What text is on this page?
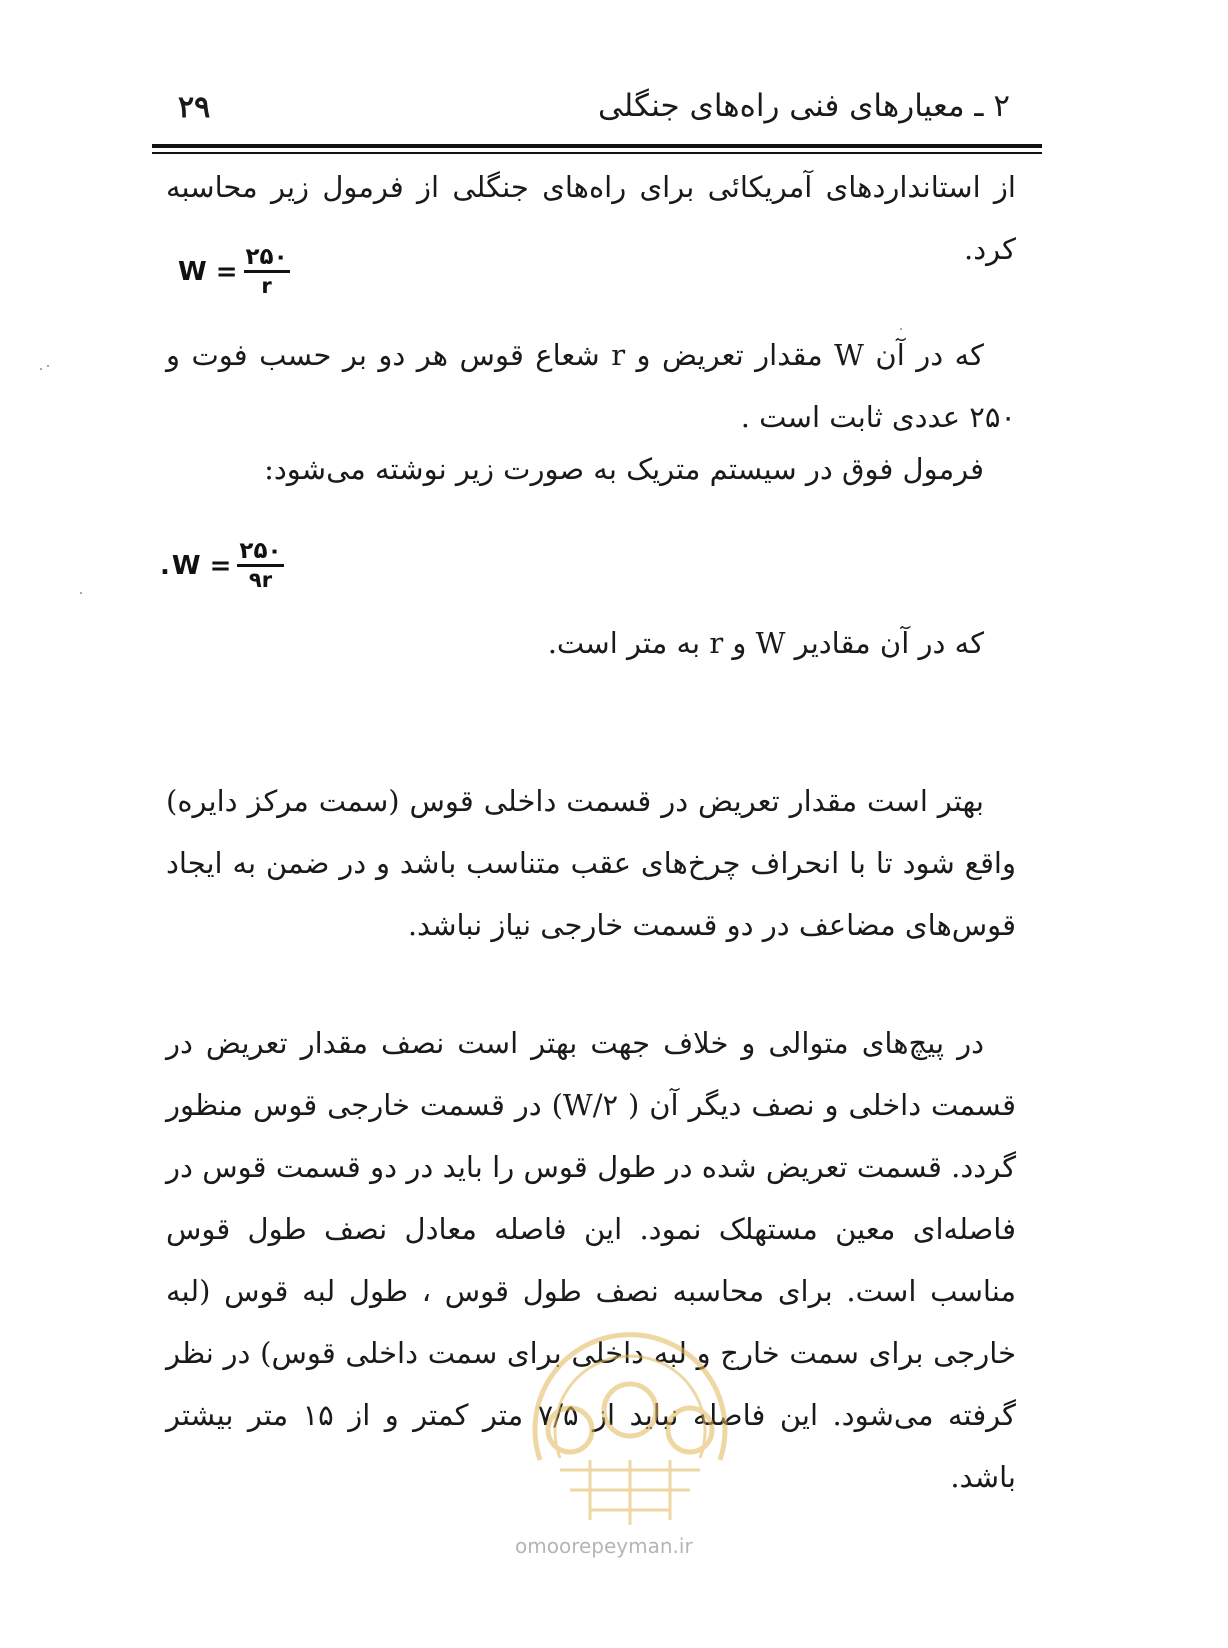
۲ ـ معیارهای فنی راه‌های جنگلی
۲۹

از استانداردهای آمریکائی برای راه‌های جنگلی از فرمول زیر محاسبه کرد.

$W = \frac{۲۵۰}{r}$

که در آن W مقدار تعریض و r شعاع قوس هر دو بر حسب فوت و ۲۵۰ عددی ثابت است .

فرمول فوق در سیستم متریک به صورت زیر نوشته می‌شود:

. $W = \frac{۲۵۰}{۹r}$

که در آن مقادیر W و r به متر است.

بهتر است مقدار تعریض در قسمت داخلی قوس (سمت مرکز دایره) واقع شود تا با انحراف چرخ‌های عقب متناسب باشد و در ضمن به ایجاد قوس‌های مضاعف در دو قسمت خارجی نیاز نباشد.

در پیچ‌های متوالی و خلاف جهت بهتر است نصف مقدار تعریض در قسمت داخلی و نصف دیگر آن ( W/۲) در قسمت خارجی قوس منظور گردد. قسمت تعریض شده در طول قوس را باید در دو قسمت قوس در فاصله‌ای معین مستهلک نمود. این فاصله معادل نصف طول قوس مناسب است. برای محاسبه نصف طول قوس ، طول لبه قوس (لبه خارجی برای سمت خارج و لبه داخلی برای سمت داخلی قوس) در نظر گرفته می‌شود. این فاصله نباید از ۷/۵ متر کمتر و از ۱۵ متر بیشتر باشد.

omoorepeyman.ir
